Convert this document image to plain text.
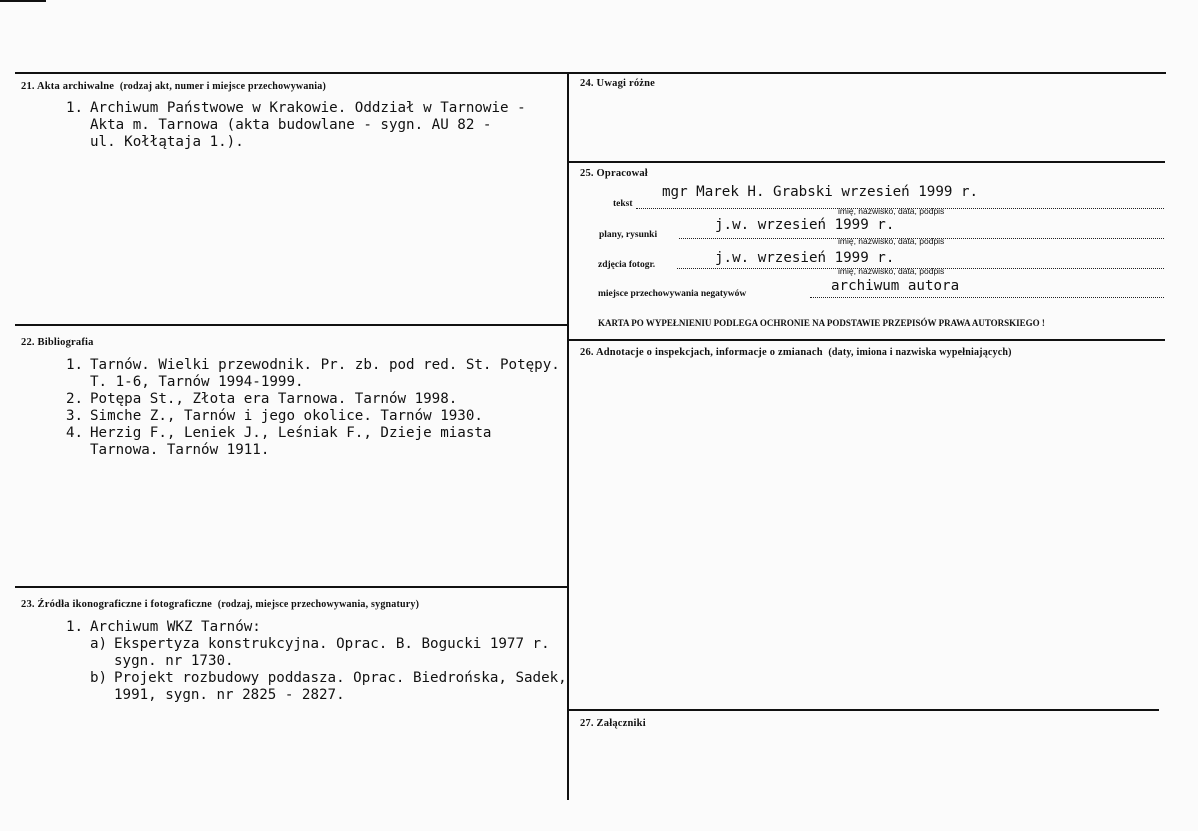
21. Akta archiwalne (rodzaj akt, numer i miejsce przechowywania)
1. Archiwum Państwowe w Krakowie. Oddział w Tarnowie -
Akta m. Tarnowa (akta budowlane - sygn. AU 82 -
ul. Kołłątaja 1.).
22. Bibliografia
1. Tarnów. Wielki przewodnik. Pr. zb. pod red. St. Potępy.
T. 1-6, Tarnów 1994-1999.
2. Potępa St., Złota era Tarnowa. Tarnów 1998.
3. Simche Z., Tarnów i jego okolice. Tarnów 1930.
4. Herzig F., Leniek J., Leśniak F., Dzieje miasta
Tarnowa. Tarnów 1911.
23. Źródła ikonograficzne i fotograficzne (rodzaj, miejsce przechowywania, sygnatury)
1. Archiwum WKZ Tarnów:
a) Ekspertyza konstrukcyjna. Oprac. B. Bogucki 1977 r.
sygn. nr 1730.
b) Projekt rozbudowy poddasza. Oprac. Biedrońska, Sadek,
1991, sygn. nr 2825 - 2827.
24. Uwagi różne
25. Opracował
tekst
mgr Marek H. Grabski wrzesień 1999 r.
imię, nazwisko, data, podpis
plany, rysunki
j.w. wrzesień 1999 r.
imię, nazwisko, data, podpis
zdjęcia fotogr.	j.w. wrzesień 1999 r.
imię, nazwisko, data, podpis
miejsce przechowywania negatywów	archiwum autora
KARTA PO WYPEŁNIENIU PODLEGA OCHRONIE NA PODSTAWIE PRZEPISÓW PRAWA AUTORSKIEGO !
26. Adnotacje o inspekcjach, informacje o zmianach (daty, imiona i nazwiska wypełniających)
27. Załączniki
